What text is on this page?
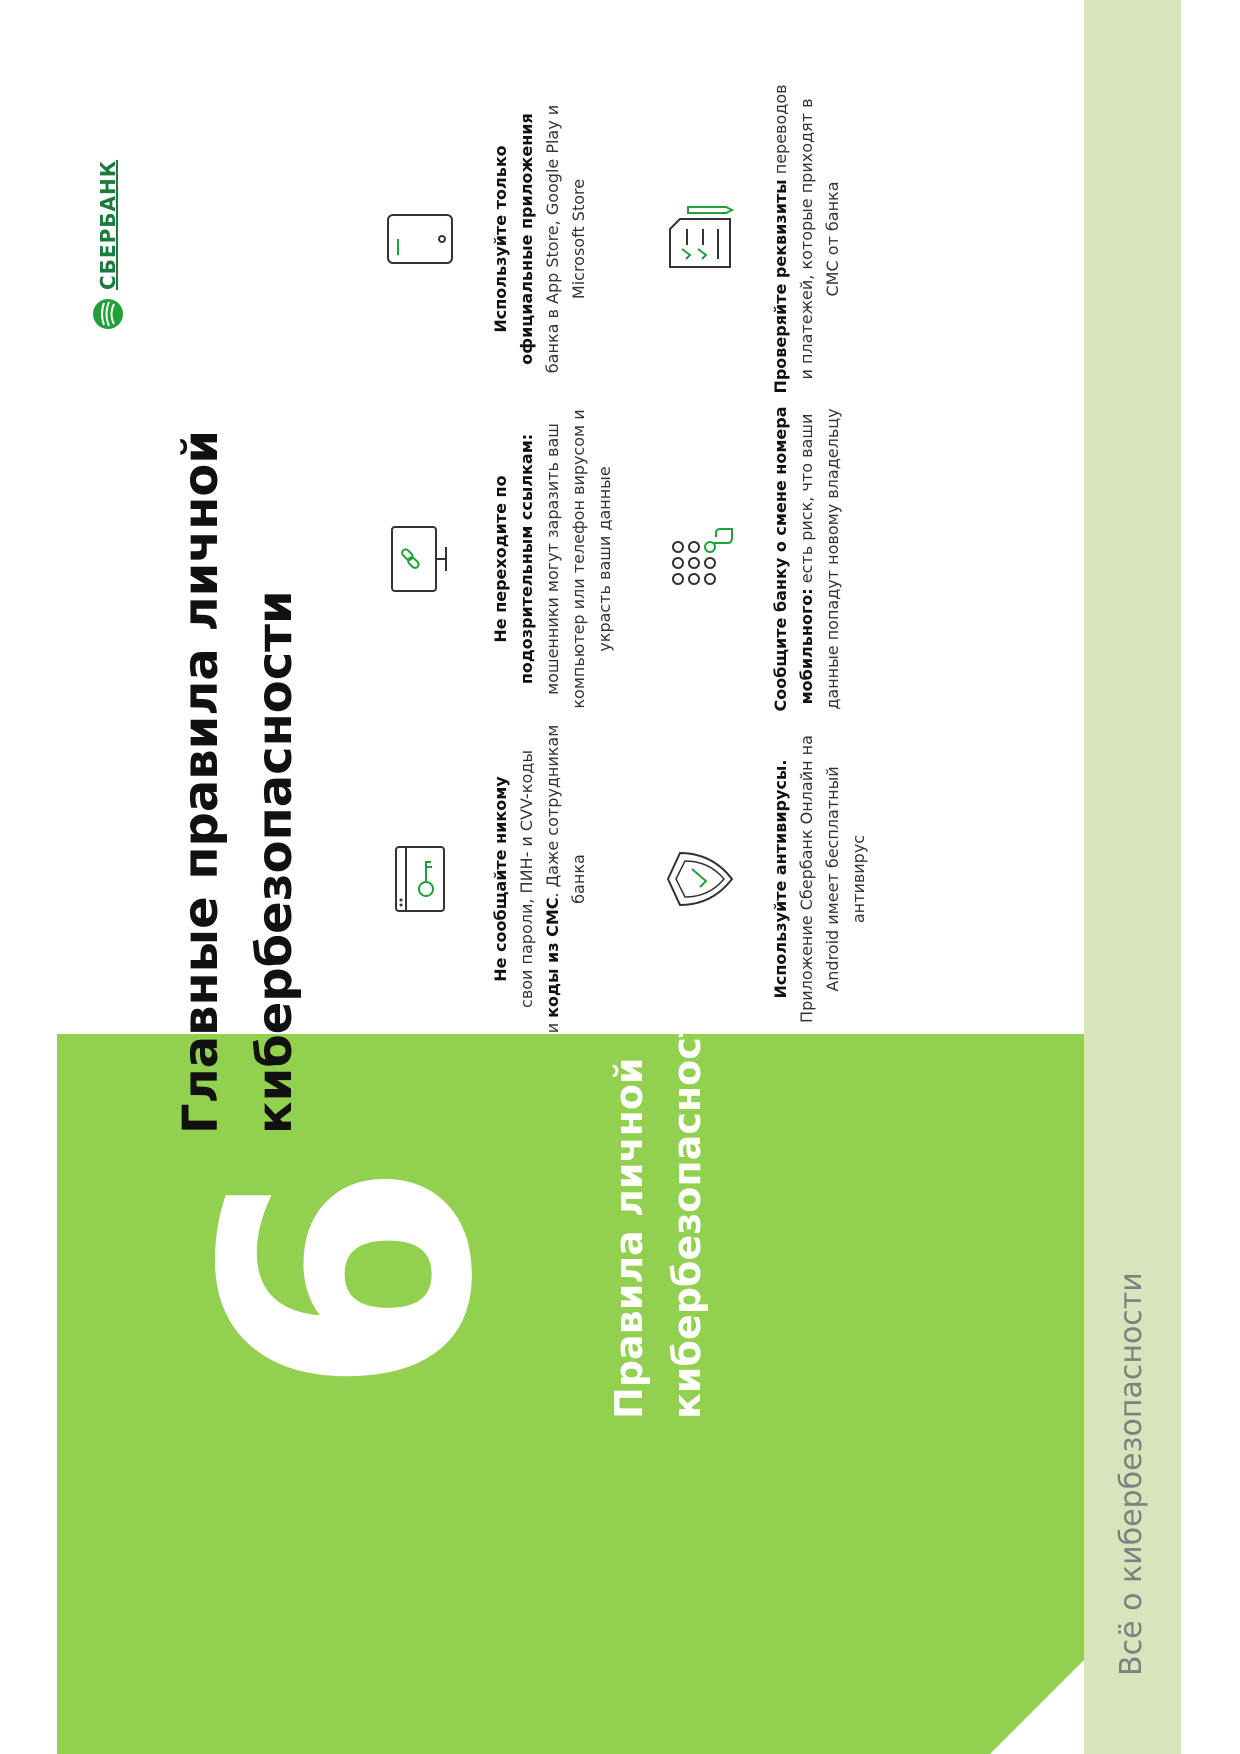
6 Правила личной кибербезопасности
Всё о кибербезопасности
Главные правила личной кибербезопасности
СБЕРБАНК
Не сообщайте никому свои пароли, ПИН- и CVV-коды
и коды из СМС. Даже сотрудникам банка
Не переходите по подозрительным ссылкам: мошенники могут заразить ваш компьютер или телефон вирусом и украсть ваши данные
Используйте только официальные приложения банка в App Store, Google Play и Microsoft Store
Используйте антивирусы. Приложение Сбербанк Онлайн на Android имеет бесплатный антивирус
Сообщите банку о смене номера мобильного: есть риск, что ваши данные попадут новому владельцу
Проверяйте реквизиты переводов и платежей, которые приходят в СМС от банка
